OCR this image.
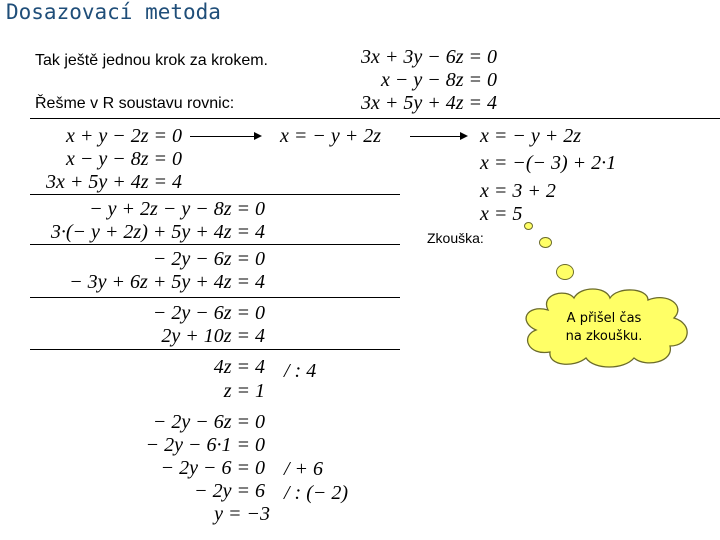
Dosazovací metoda
Tak ještě jednou krok za krokem.
Řešme v R soustavu rovnic:
3x + 3y − 6z = 0
x − y − 8z = 0
3x + 5y + 4z = 4
x + y − 2z = 0
x − y − 8z = 0
3x + 5y + 4z = 4
x = − y + 2z
− y + 2z − y − 8z = 0
3·(− y + 2z) + 5y + 4z = 4
− 2y − 6z = 0
− 3y + 6z + 5y + 4z = 4
− 2y − 6z = 0
2y + 10z = 4
4z = 4
z = 1
− 2y − 6z = 0
− 2y − 6·1 = 0
− 2y − 6 = 0
− 2y = 6
y = −3
/ : 4
/ + 6
/ : (− 2)
x = − y + 2z
x = −(− 3) + 2·1
x = 3 + 2
x = 5
Zkouška:
A přišel čas
na zkoušku.
